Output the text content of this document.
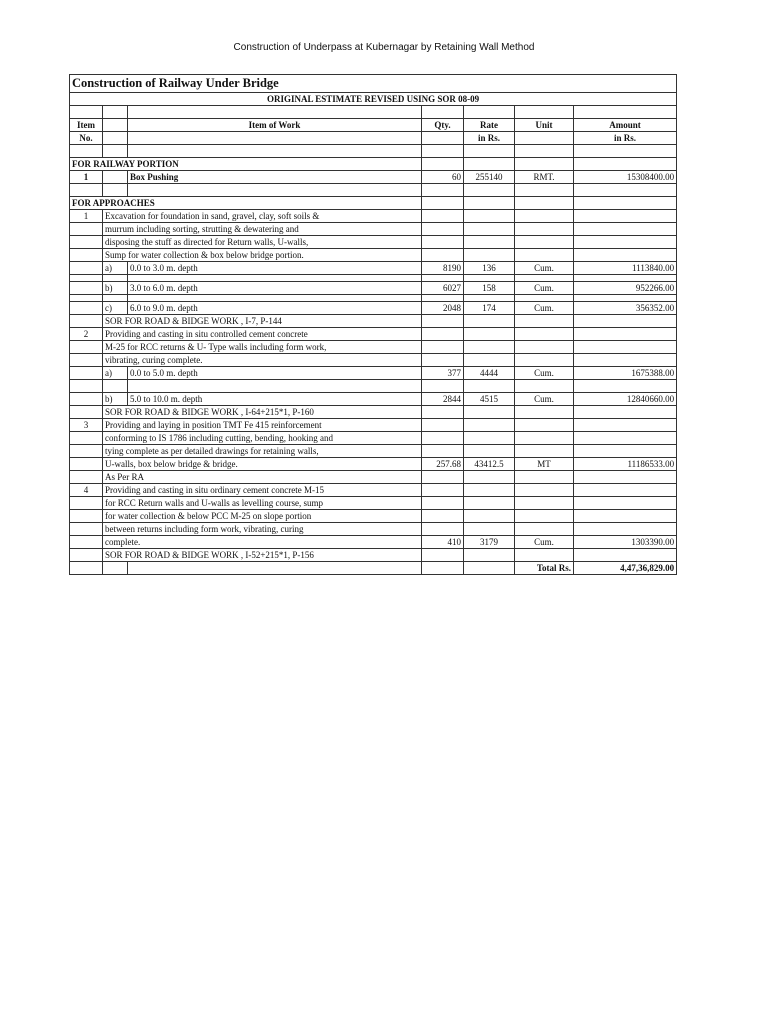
Construction of Underpass at Kubernagar by Retaining Wall Method
Construction of Railway Under Bridge						
ORIGINAL ESTIMATE REVISED USING SOR 08-09						

Item		Item of Work	Qty.	Rate	Unit	Amount
No.				in Rs.		in Rs.

FOR RAILWAY PORTION						
1		Box Pushing	60	255140	RMT.	15308400.00

FOR APPROACHES						
1	Excavation for foundation in sand, gravel, clay, soft soils &					
	murrum including sorting, strutting & dewatering and					
	disposing the stuff as directed for Return walls, U-walls,					
	Sump for water collection & box below bridge portion.					
	a)	0.0 to 3.0 m. depth	8190	136	Cum.	1113840.00

	b)	3.0 to 6.0 m. depth	6027	158	Cum.	952266.00

	c)	6.0 to 9.0 m. depth	2048	174	Cum.	356352.00
	SOR FOR ROAD & BIDGE WORK , I-7, P-144					
2	Providing and casting in situ controlled cement concrete					
	M-25 for RCC returns & U- Type walls including form work,					
	vibrating, curing complete.					
	a)	0.0 to 5.0 m. depth	377	4444	Cum.	1675388.00

	b)	5.0 to 10.0 m. depth	2844	4515	Cum.	12840660.00
	SOR FOR ROAD & BIDGE WORK , I-64+215*1, P-160					
3	Providing and laying in position TMT Fe 415 reinforcement					
	conforming to IS 1786 including cutting, bending, hooking and					
	tying complete as per detailed drawings for retaining walls,					
	U-walls, box below bridge & bridge.		257.68	43412.5	MT	11186533.00
	As Per RA					
4	Providing and casting in situ ordinary cement concrete M-15					
	for RCC Return walls and U-walls as levelling course, sump					
	for water collection & below PCC M-25 on slope portion					
	between returns including form work, vibrating, curing					
	complete.		410	3179	Cum.	1303390.00
	SOR FOR ROAD & BIDGE WORK , I-52+215*1, P-156					
					Total Rs.	4,47,36,829.00
